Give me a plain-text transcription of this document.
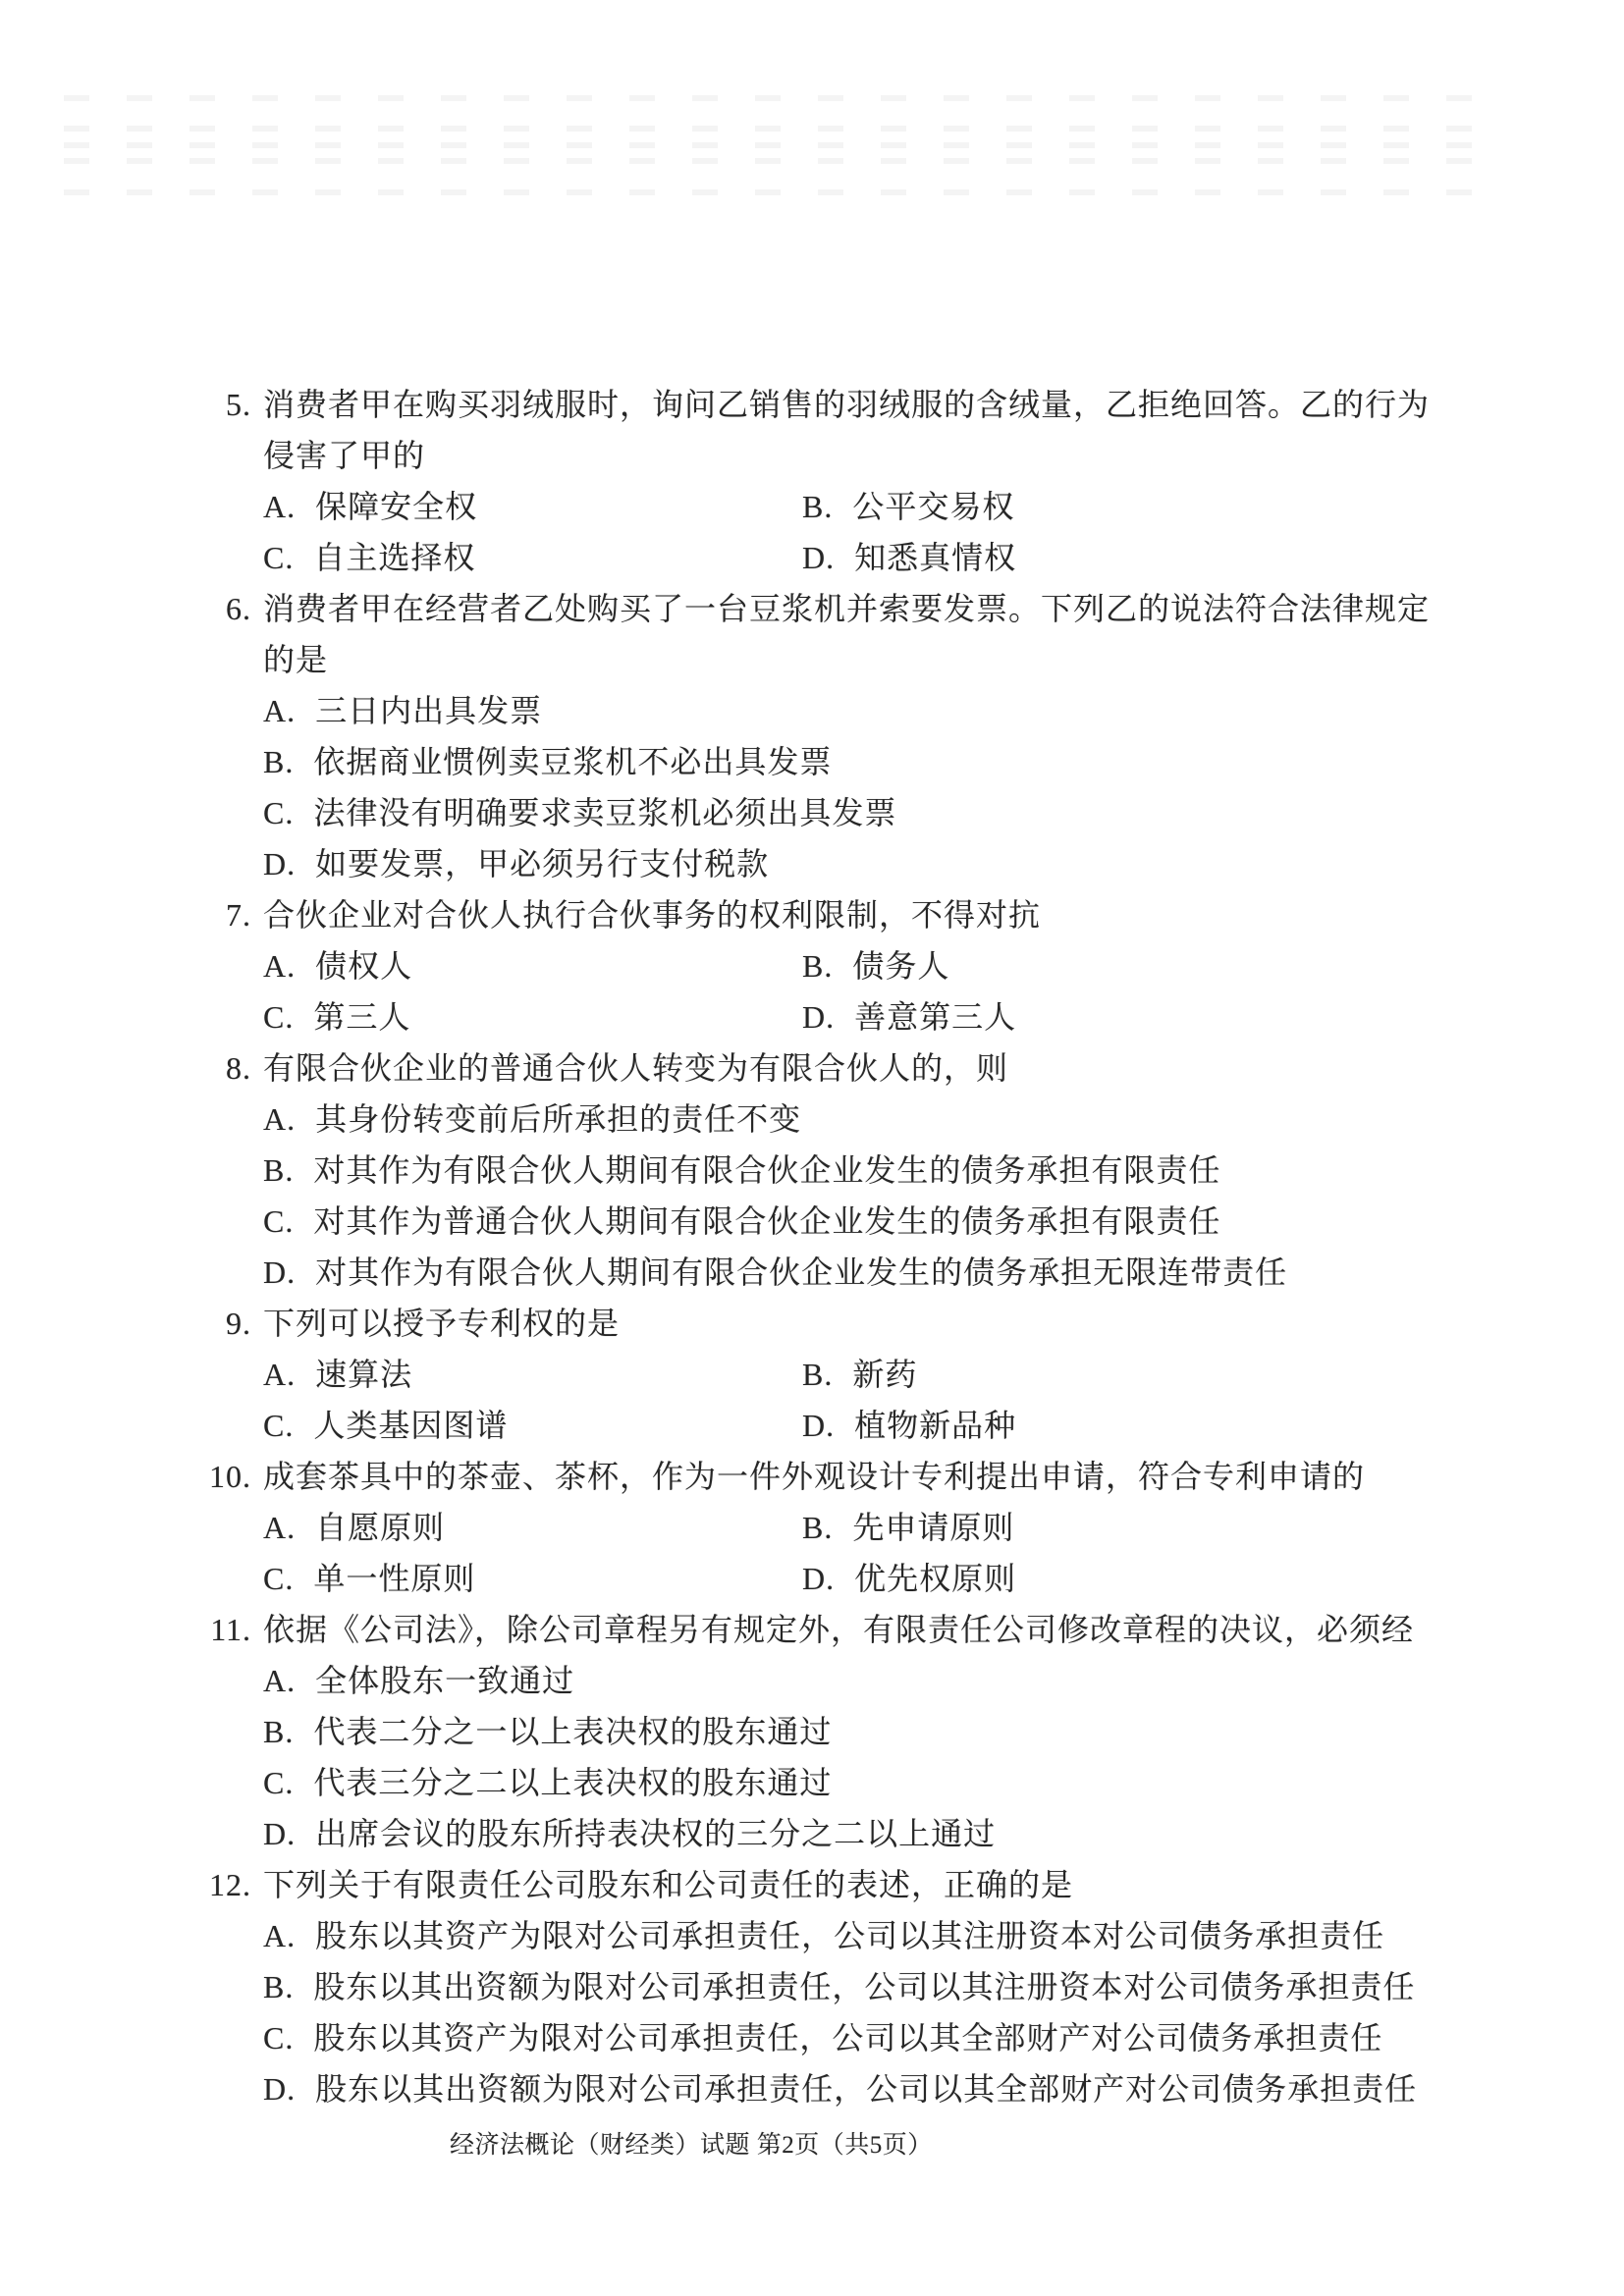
5. 消费者甲在购买羽绒服时，询问乙销售的羽绒服的含绒量，乙拒绝回答。乙的行为
侵害了甲的
A. 保障安全权	B. 公平交易权
C. 自主选择权	D. 知悉真情权
6. 消费者甲在经营者乙处购买了一台豆浆机并索要发票。下列乙的说法符合法律规定
的是
A. 三日内出具发票
B. 依据商业惯例卖豆浆机不必出具发票
C. 法律没有明确要求卖豆浆机必须出具发票
D. 如要发票，甲必须另行支付税款
7. 合伙企业对合伙人执行合伙事务的权利限制，不得对抗
A. 债权人	B. 债务人
C. 第三人	D. 善意第三人
8. 有限合伙企业的普通合伙人转变为有限合伙人的，则
A. 其身份转变前后所承担的责任不变
B. 对其作为有限合伙人期间有限合伙企业发生的债务承担有限责任
C. 对其作为普通合伙人期间有限合伙企业发生的债务承担有限责任
D. 对其作为有限合伙人期间有限合伙企业发生的债务承担无限连带责任
9. 下列可以授予专利权的是
A. 速算法	B. 新药
C. 人类基因图谱	D. 植物新品种
10. 成套茶具中的茶壶、茶杯，作为一件外观设计专利提出申请，符合专利申请的
A. 自愿原则	B. 先申请原则
C. 单一性原则	D. 优先权原则
11. 依据《公司法》，除公司章程另有规定外，有限责任公司修改章程的决议，必须经
A. 全体股东一致通过
B. 代表二分之一以上表决权的股东通过
C. 代表三分之二以上表决权的股东通过
D. 出席会议的股东所持表决权的三分之二以上通过
12. 下列关于有限责任公司股东和公司责任的表述，正确的是
A. 股东以其资产为限对公司承担责任，公司以其注册资本对公司债务承担责任
B. 股东以其出资额为限对公司承担责任，公司以其注册资本对公司债务承担责任
C. 股东以其资产为限对公司承担责任，公司以其全部财产对公司债务承担责任
D. 股东以其出资额为限对公司承担责任，公司以其全部财产对公司债务承担责任
经济法概论（财经类）试题 第2页（共5页）
